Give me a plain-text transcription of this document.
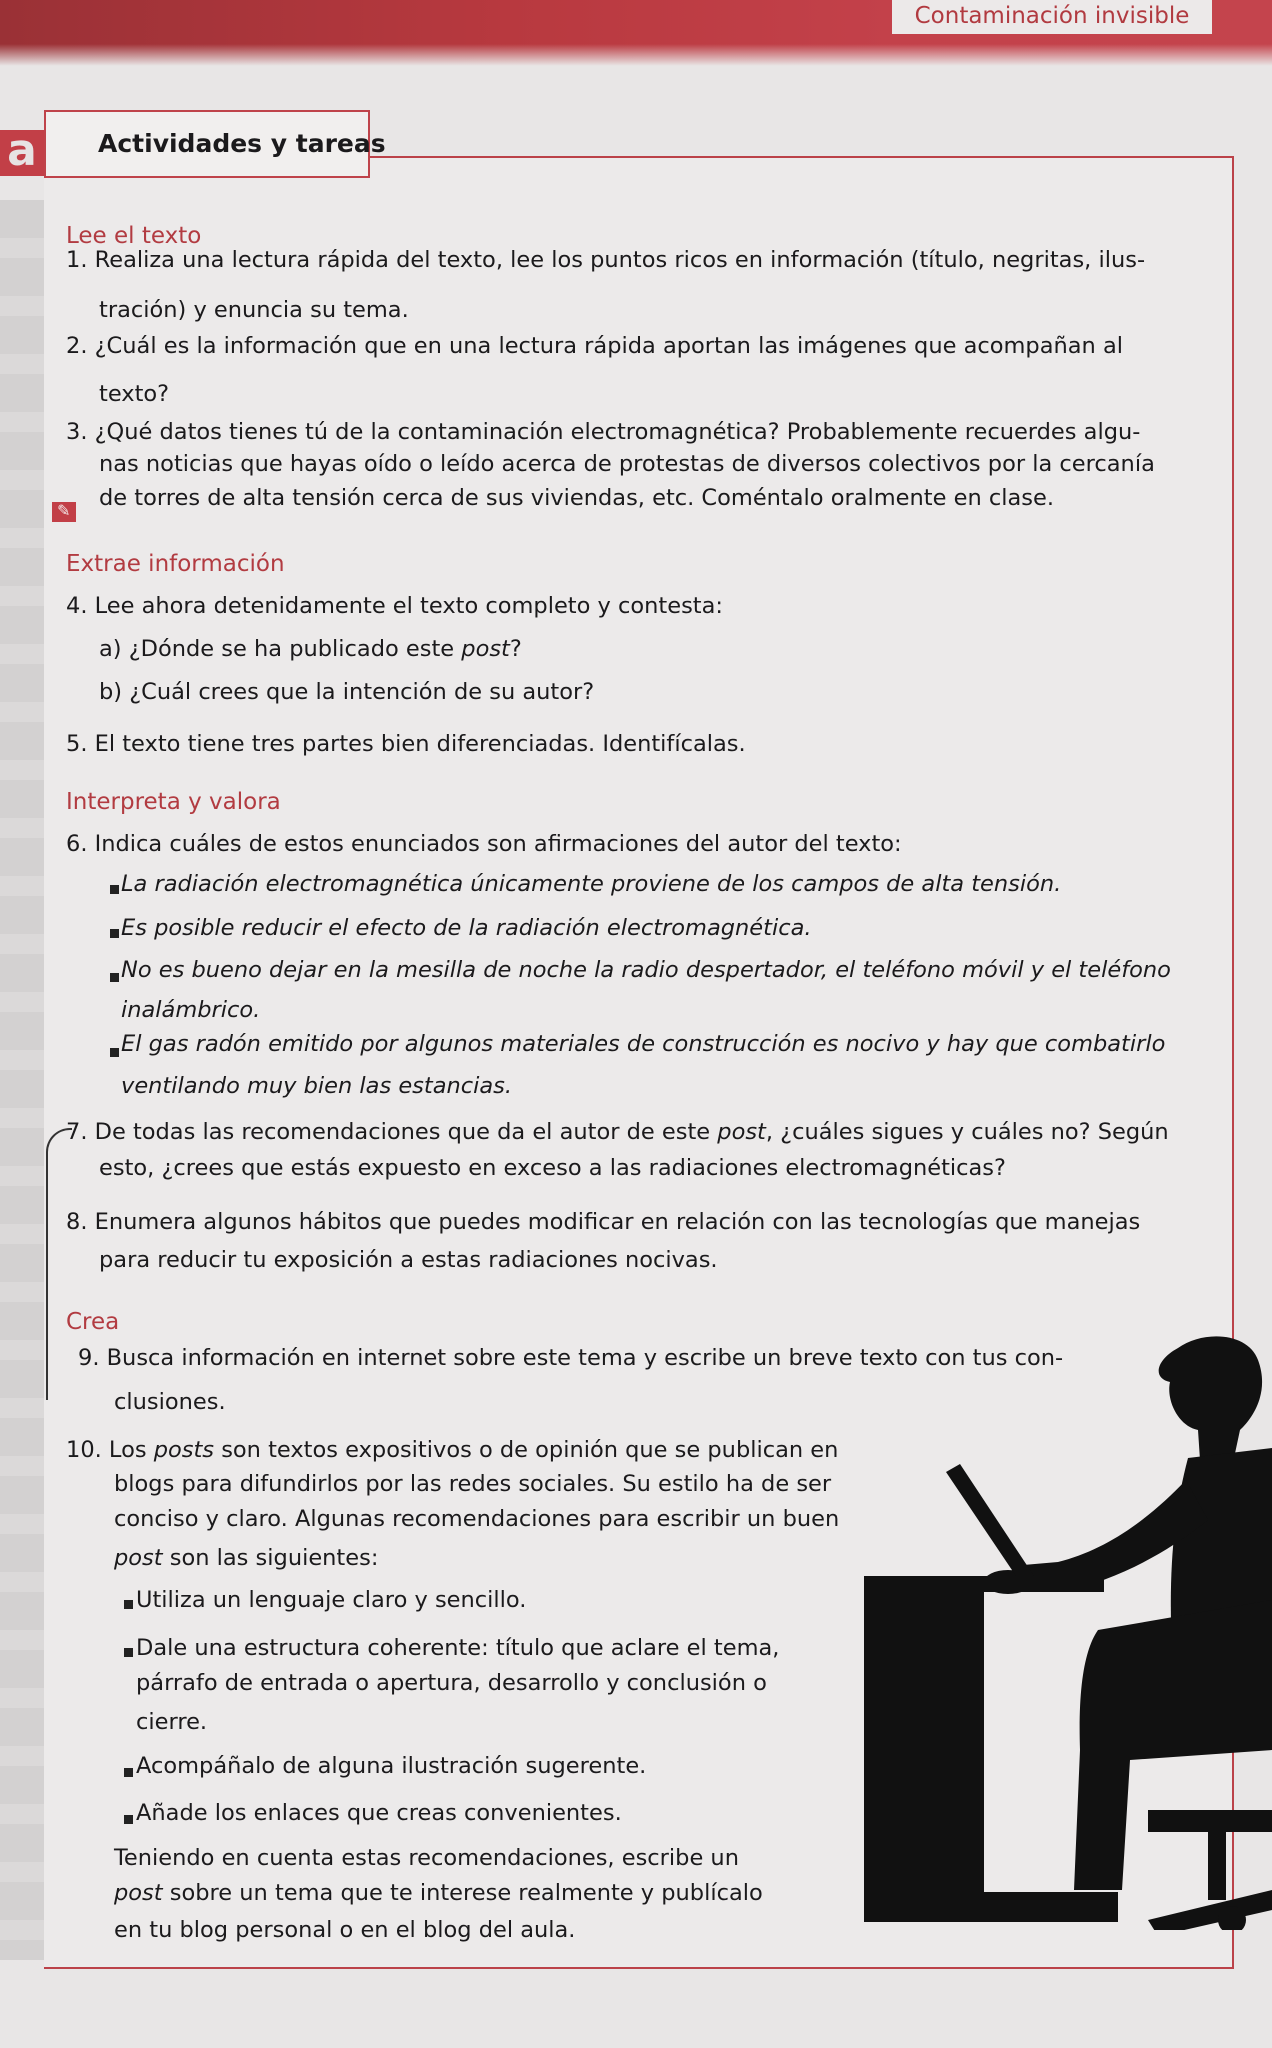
Contaminación invisible
a Actividades y tareas
Lee el texto
1. Realiza una lectura rápida del texto, lee los puntos ricos en información (título, negritas, ilus-
tración) y enuncia su tema.
2. ¿Cuál es la información que en una lectura rápida aportan las imágenes que acompañan al
texto?
3. ¿Qué datos tienes tú de la contaminación electromagnética? Probablemente recuerdes algu-
nas noticias que hayas oído o leído acerca de protestas de diversos colectivos por la cercanía
✎ de torres de alta tensión cerca de sus viviendas, etc. Coméntalo oralmente en clase.
Extrae información
4. Lee ahora detenidamente el texto completo y contesta:
a) ¿Dónde se ha publicado este post?
b) ¿Cuál crees que la intención de su autor?
5. El texto tiene tres partes bien diferenciadas. Identifícalas.
Interpreta y valora
6. Indica cuáles de estos enunciados son afirmaciones del autor del texto:
La radiación electromagnética únicamente proviene de los campos de alta tensión.
Es posible reducir el efecto de la radiación electromagnética.
No es bueno dejar en la mesilla de noche la radio despertador, el teléfono móvil y el teléfono
inalámbrico.
El gas radón emitido por algunos materiales de construcción es nocivo y hay que combatirlo
ventilando muy bien las estancias.
7. De todas las recomendaciones que da el autor de este post, ¿cuáles sigues y cuáles no? Según
esto, ¿crees que estás expuesto en exceso a las radiaciones electromagnéticas?
8. Enumera algunos hábitos que puedes modificar en relación con las tecnologías que manejas
para reducir tu exposición a estas radiaciones nocivas.
Crea
9. Busca información en internet sobre este tema y escribe un breve texto con tus con-
clusiones.
10. Los posts son textos expositivos o de opinión que se publican en
blogs para difundirlos por las redes sociales. Su estilo ha de ser
conciso y claro. Algunas recomendaciones para escribir un buen
post son las siguientes:
Utiliza un lenguaje claro y sencillo.
Dale una estructura coherente: título que aclare el tema,
párrafo de entrada o apertura, desarrollo y conclusión o
cierre.
Acompáñalo de alguna ilustración sugerente.
Añade los enlaces que creas convenientes.
Teniendo en cuenta estas recomendaciones, escribe un
post sobre un tema que te interese realmente y publícalo
en tu blog personal o en el blog del aula.
